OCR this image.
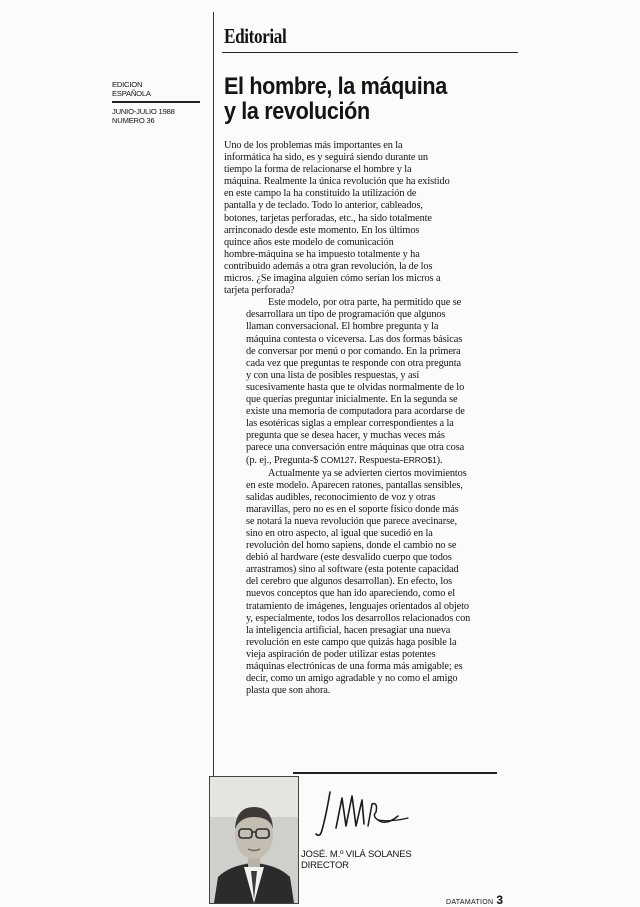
EDICION
ESPAÑOLA
JUNIO-JULIO 1988
NUMERO 36
Editorial
El hombre, la máquina
y la revolución

Uno de los problemas más importantes en la
informática ha sido, es y seguirá siendo durante un
tiempo la forma de relacionarse el hombre y la
máquina. Realmente la única revolución que ha existido
en este campo la ha constituido la utilización de
pantalla y de teclado. Todo lo anterior, cableados,
botones, tarjetas perforadas, etc., ha sido totalmente
arrinconado desde este momento. En los últimos
quince años este modelo de comunicación
hombre-máquina se ha impuesto totalmente y ha
contribuido además a otra gran revolución, la de los
micros. ¿Se imagina alguien cómo serían los micros a
tarjeta perforada?

Este modelo, por otra parte, ha permitido que se
desarrollara un tipo de programación que algunos
llaman conversacional. El hombre pregunta y la
máquina contesta o viceversa. Las dos formas básicas
de conversar por menú o por comando. En la primera
cada vez que preguntas te responde con otra pregunta
y con una lista de posibles respuestas, y así
sucesivamente hasta que te olvidas normalmente de lo
que querías preguntar inicialmente. En la segunda se
existe una memoria de computadora para acordarse de
las esotéricas siglas a emplear correspondientes a la
pregunta que se desea hacer, y muchas veces más
parece una conversación entre máquinas que otra cosa
(p. ej., Pregunta-$ COM127. Respuesta-ERRO$1).

Actualmente ya se advierten ciertos movimientos
en este modelo. Aparecen ratones, pantallas sensibles,
salidas audibles, reconocimiento de voz y otras
maravillas, pero no es en el soporte físico donde más
se notará la nueva revolución que parece avecinarse,
sino en otro aspecto, al igual que sucedió en la
revolución del homo sapiens, donde el cambio no se
debió al hardware (este desvalido cuerpo que todos
arrastramos) sino al software (esta potente capacidad
del cerebro que algunos desarrollan). En efecto, los
nuevos conceptos que han ido apareciendo, como el
tratamiento de imágenes, lenguajes orientados al objeto
y, especialmente, todos los desarrollos relacionados con
la inteligencia artificial, hacen presagiar una nueva
revolución en este campo que quizás haga posible la
vieja aspiración de poder utilizar estas potentes
máquinas electrónicas de una forma más amigable; es
decir, como un amigo agradable y no como el amigo
plasta que son ahora.

JOSÉ. M.º VILÁ SOLANES
DIRECTOR
DATAMATION 3
